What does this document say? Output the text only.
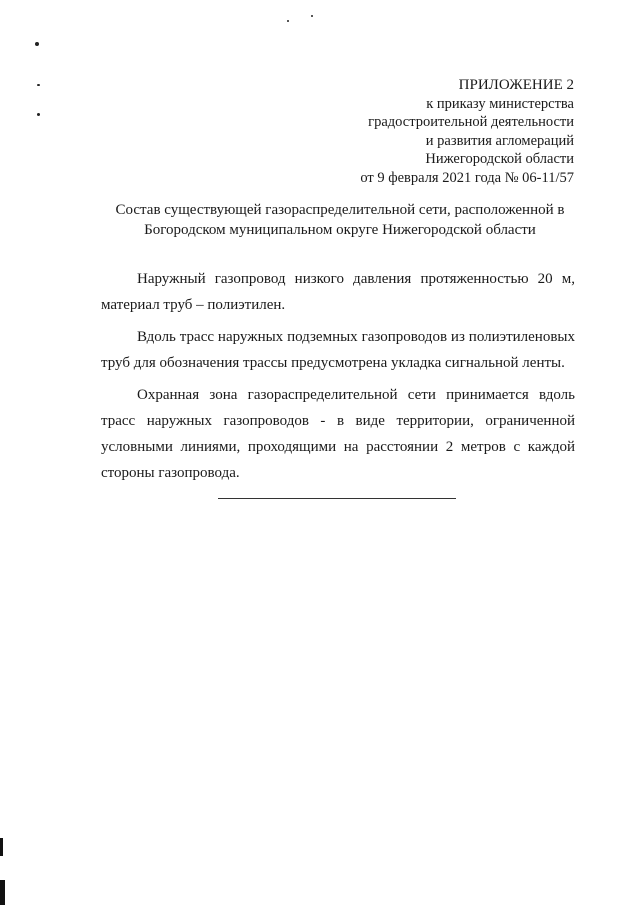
ПРИЛОЖЕНИЕ 2
к приказу министерства
градостроительной деятельности
и развития агломераций
Нижегородской области
от 9 февраля 2021 года № 06-11/57
Состав существующей газораспределительной сети, расположенной в
Богородском муниципальном округе Нижегородской области

Наружный газопровод низкого давления протяженностью 20 м, материал труб – полиэтилен.

Вдоль трасс наружных подземных газопроводов из полиэтиленовых труб для обозначения трассы предусмотрена укладка сигнальной ленты.

Охранная зона газораспределительной сети принимается вдоль трасс наружных газопроводов - в виде территории, ограниченной условными линиями, проходящими на расстоянии 2 метров с каждой стороны газопровода.
